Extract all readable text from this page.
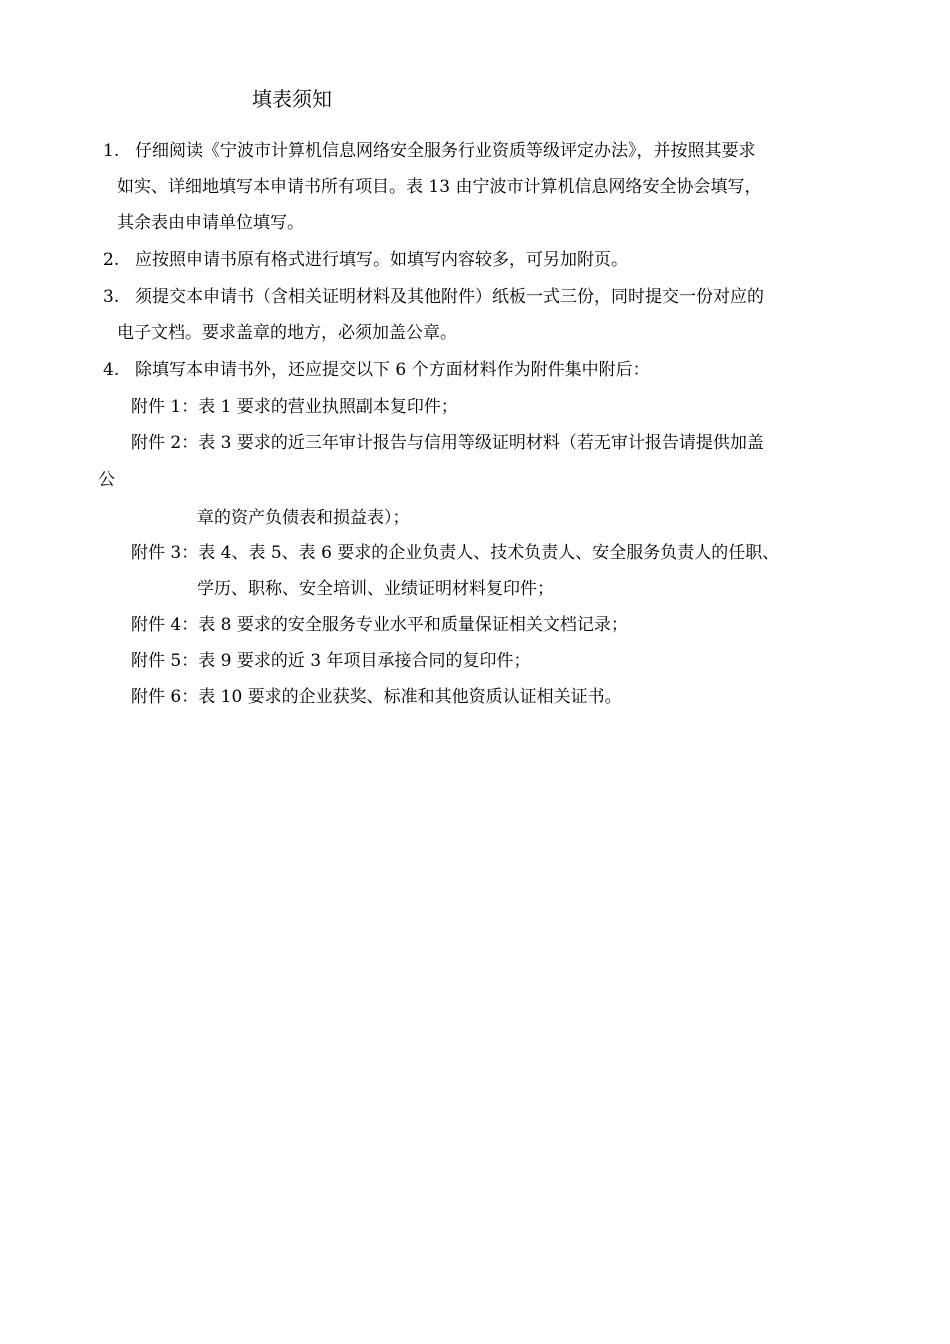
填表须知
1. 仔细阅读《宁波市计算机信息网络安全服务行业资质等级评定办法》，并按照其要求
如实、详细地填写本申请书所有项目。表 13 由宁波市计算机信息网络安全协会填写，
其余表由申请单位填写。
2. 应按照申请书原有格式进行填写。如填写内容较多，可另加附页。
3. 须提交本申请书（含相关证明材料及其他附件）纸板一式三份，同时提交一份对应的
电子文档。要求盖章的地方，必须加盖公章。
4. 除填写本申请书外，还应提交以下 6 个方面材料作为附件集中附后：
附件 1：表 1 要求的营业执照副本复印件；
附件 2：表 3 要求的近三年审计报告与信用等级证明材料（若无审计报告请提供加盖
公
章的资产负债表和损益表）；
附件 3：表 4、表 5、表 6 要求的企业负责人、技术负责人、安全服务负责人的任职、
学历、职称、安全培训、业绩证明材料复印件；
附件 4：表 8 要求的安全服务专业水平和质量保证相关文档记录；
附件 5：表 9 要求的近 3 年项目承接合同的复印件；
附件 6：表 10 要求的企业获奖、标准和其他资质认证相关证书。
